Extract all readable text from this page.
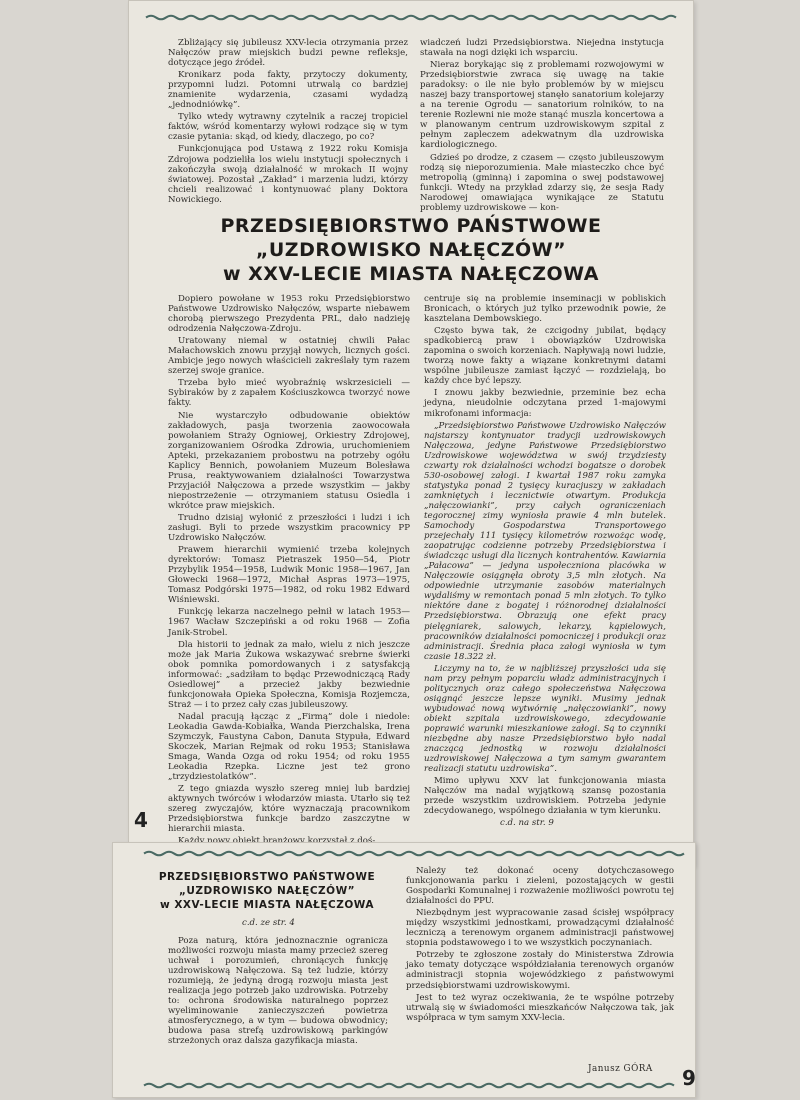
Zbliżający się jubileusz XXV-lecia otrzymania przez Nałęczów praw miejskich budzi pewne refleksje, dotyczące jego źródeł.

Kronikarz poda fakty, przytoczy dokumenty, przypomni ludzi. Potomni utrwalą co bardziej znamienite wydarzenia, czasami wydadzą „jednodniówkę”.

Tylko wtedy wytrawny czytelnik a raczej tropiciel faktów, wśród komentarzy wyłowi rodzące się w tym czasie pytania: skąd, od kiedy, dlaczego, po co?

Funkcjonująca pod Ustawą z 1922 roku Komisja Zdrojowa podzieliła los wielu instytucji społecznych i zakończyła swoją działalność w mrokach II wojny światowej. Pozostał „Zakład” i marzenia ludzi, którzy chcieli realizować i kontynuować plany Doktora Nowickiego.

wiadczeń ludzi Przedsiębiorstwa. Niejedna instytucja stawała na nogi dzięki ich wsparciu.

Nieraz borykając się z problemami rozwojowymi w Przedsiębiorstwie zwraca się uwagę na takie paradoksy: o ile nie było problemów by w miejscu naszej bazy transportowej stanęło sanatorium kolejarzy a na terenie Ogrodu — sanatorium rolników, to na terenie Rozlewni nie może stanąć muszla koncertowa a w planowanym centrum uzdrowiskowym szpital z pełnym zapleczem adekwatnym dla uzdrowiska kardiologicznego.

Gdzieś po drodze, z czasem — często jubileuszowym rodzą się nieporozumienia. Małe miasteczko chce być metropolią (gminną) i zapomina o swej podstawowej funkcji. Wtedy na przykład zdarzy się, że sesja Rady Narodowej omawiająca wynikające ze Statutu problemy uzdrowiskowe — kon-

PRZEDSIĘBIORSTWO PAŃSTWOWE
„UZDROWISKO NAŁĘCZÓW”
w XXV-LECIE MIASTA NAŁĘCZOWA

Dopiero powołane w 1953 roku Przedsiębiorstwo Państwowe Uzdrowisko Nałęczów, wsparte niebawem chorobą pierwszego Prezydenta PRL, dało nadzieję odrodzenia Nałęczowa-Zdroju.

Uratowany niemal w ostatniej chwili Pałac Małachowskich znowu przyjął nowych, licznych gości. Ambicje jego nowych właścicieli zakreślały tym razem szerzej swoje granice.

Trzeba było mieć wyobraźnię wskrzesicieli — Sybiraków by z zapałem Kościuszkowca tworzyć nowe fakty.

Nie wystarczyło odbudowanie obiektów zakładowych, pasja tworzenia zaowocowała powołaniem Straży Ogniowej, Orkiestry Zdrojowej, zorganizowaniem Ośrodka Zdrowia, uruchomieniem Apteki, przekazaniem probostwu na potrzeby ogółu Kaplicy Bennich, powołaniem Muzeum Bolesława Prusa, reaktywowaniem działalności Towarzystwa Przyjaciół Nałęczowa a przede wszystkim — jakby niepostrzeżenie — otrzymaniem statusu Osiedla i wkrótce praw miejskich.

Trudno dzisiaj wyłonić z przeszłości i ludzi i ich zasługi. Byli to przede wszystkim pracownicy PP Uzdrowisko Nałęczów.

Prawem hierarchii wymienić trzeba kolejnych dyrektorów: Tomasz Pietraszek 1950—54, Piotr Przybylik 1954—1958, Ludwik Monic 1958—1967, Jan Głowecki 1968—1972, Michał Aspras 1973—1975, Tomasz Podgórski 1975—1982, od roku 1982 Edward Wiśniewski.

Funkcję lekarza naczelnego pełnił w latach 1953—1967 Wacław Szczepiński a od roku 1968 — Zofia Janik-Strobel.

Dla historii to jednak za mało, wielu z nich jeszcze może jak Maria Żukowa wskazywać srebrne świerki obok pomnika pomordowanych i z satysfakcją informować: „sadziłam to będąc Przewodniczącą Rady Osiedlowej” a przecież jakby bezwiednie funkcjonowała Opieka Społeczna, Komisja Rozjemcza, Straż — i to przez cały czas jubileuszowy.

Nadal pracują łącząc z „Firmą” dole i niedole: Leokadia Gawda-Kobiałka, Wanda Pierzchalska, Irena Szymczyk, Faustyna Cabon, Danuta Stypuła, Edward Skoczek, Marian Rejmak od roku 1953; Stanisława Smaga, Wanda Ozga od roku 1954; od roku 1955 Leokadia Rzepka. Liczne jest też grono „trzydziestolatków”.

Z tego gniazda wyszło szereg mniej lub bardziej aktywnych twórców i włodarzów miasta. Utarło się też szereg zwyczajów, które wyznaczają pracownikom Przedsiębiorstwa funkcje bardzo zaszczytne w hierarchii miasta.

centruje się na problemie inseminacji w pobliskich Bronicach, o których już tylko przewodnik powie, że kasztelana Dembowskiego.

Często bywa tak, że czcigodny jubilat, będący spadkobiercą praw i obowiązków Uzdrowiska zapomina o swoich korzeniach. Napływają nowi ludzie, tworzą nowe fakty a wiązane konkretnymi datami wspólne jubileusze zamiast łączyć — rozdzielają, bo każdy chce być lepszy.

I znowu jakby bezwiednie, przeminie bez echa jedyna, nieudolnie odczytana przed 1-majowymi mikrofonami informacja:

„Przedsiębiorstwo Państwowe Uzdrowisko Nałęczów najstarszy kontynuator tradycji uzdrowiskowych Nałęczowa, jedyne Państwowe Przedsiębiorstwo Uzdrowiskowe województwa w swój trzydziesty czwarty rok działalności wchodzi bogatsze o dorobek 530-osobowej załogi. I kwartał 1987 roku zamyka statystyka ponad 2 tysięcy kuracjuszy w zakładach zamkniętych i lecznictwie otwartym. Produkcja „nałęczowianki”, przy całych ograniczeniach tegorocznej zimy wyniosła prawie 4 mln butelek. Samochody Gospodarstwa Transportowego przejechały 111 tysięcy kilometrów rozwożąc wodę, zaopatrując codzienne potrzeby Przedsiębiorstwa i świadcząc usługi dla licznych kontrahentów. Kawiarnia „Pałacowa” — jedyna uspołeczniona placówka w Nałęczowie osiągnęła obroty 3,5 mln złotych. Na odpowiednie utrzymanie zasobów materialnych wydaliśmy w remontach ponad 5 mln złotych. To tylko niektóre dane z bogatej i różnorodnej działalności Przedsiębiorstwa. Obrazują one efekt pracy pielęgniarek, salowych, lekarzy, kąpielowych, pracowników działalności pomocniczej i produkcji oraz administracji. Średnia płaca załogi wyniosła w tym czasie 18.322 zł.

Liczymy na to, że w najbliższej przyszłości uda się nam przy pełnym poparciu władz administracyjnych i politycznych oraz całego społeczeństwa Nałęczowa osiągnąć jeszcze lepsze wyniki. Musimy jednak wybudować nową wytwórnię „nałęczowianki”, nowy obiekt szpitala uzdrowiskowego, zdecydowanie poprawić warunki mieszkaniowe załogi. Są to czynniki niezbędne aby nasze Przedsiębiorstwo było nadal znaczącą jednostką w rozwoju działalności uzdrowiskowej Nałęczowa a tym samym gwarantem realizacji statutu uzdrowiska”.

Mimo upływu XXV lat funkcjonowania miasta Nałęczów ma nadal wyjątkową szansę pozostania przede wszystkim uzdrowiskiem. Potrzeba jedynie zdecydowanego, wspólnego działania w tym kierunku.

c.d. na str. 9
4
PRZEDSIĘBIORSTWO PAŃSTWOWE
„UZDROWISKO NAŁĘCZÓW”
w XXV-LECIE MIASTA NAŁĘCZOWA
c.d. ze str. 4

Poza naturą, która jednoznacznie ogranicza możliwości rozwoju miasta mamy przecież szereg uchwał i porozumień, chroniących funkcję uzdrowiskową Nałęczowa. Są też ludzie, którzy rozumieją, że jedyną drogą rozwoju miasta jest realizacja jego potrzeb jako uzdrowiska. Potrzeby to: ochrona środowiska naturalnego poprzez wyeliminowanie zanieczyszczeń powietrza atmosferycznego, a w tym — budowa obwodnicy; budowa pasa strefą uzdrowiskową parkingów strzeżonych oraz dalsza gazyfikacja miasta.

Należy też dokonać oceny dotychczasowego funkcjonowania parku i zieleni, pozostających w gestii Gospodarki Komunalnej i rozważenie możliwości powrotu tej działalności do PPU.

Niezbędnym jest wypracowanie zasad ścisłej współpracy między wszystkimi jednostkami, prowadzącymi działalność leczniczą a terenowym organem administracji państwowej stopnia podstawowego i to we wszystkich poczynaniach.

Potrzeby te zgłoszone zostały do Ministerstwa Zdrowia jako tematy dotyczące współdziałania terenowych organów administracji stopnia wojewódzkiego z państwowymi przedsiębiorstwami uzdrowiskowymi.

Jest to też wyraz oczekiwania, że te wspólne potrzeby utrwalą się w świadomości mieszkańców Nałęczowa tak, jak współpraca w tym samym XXV-lecia.

Janusz GÓRA 9
